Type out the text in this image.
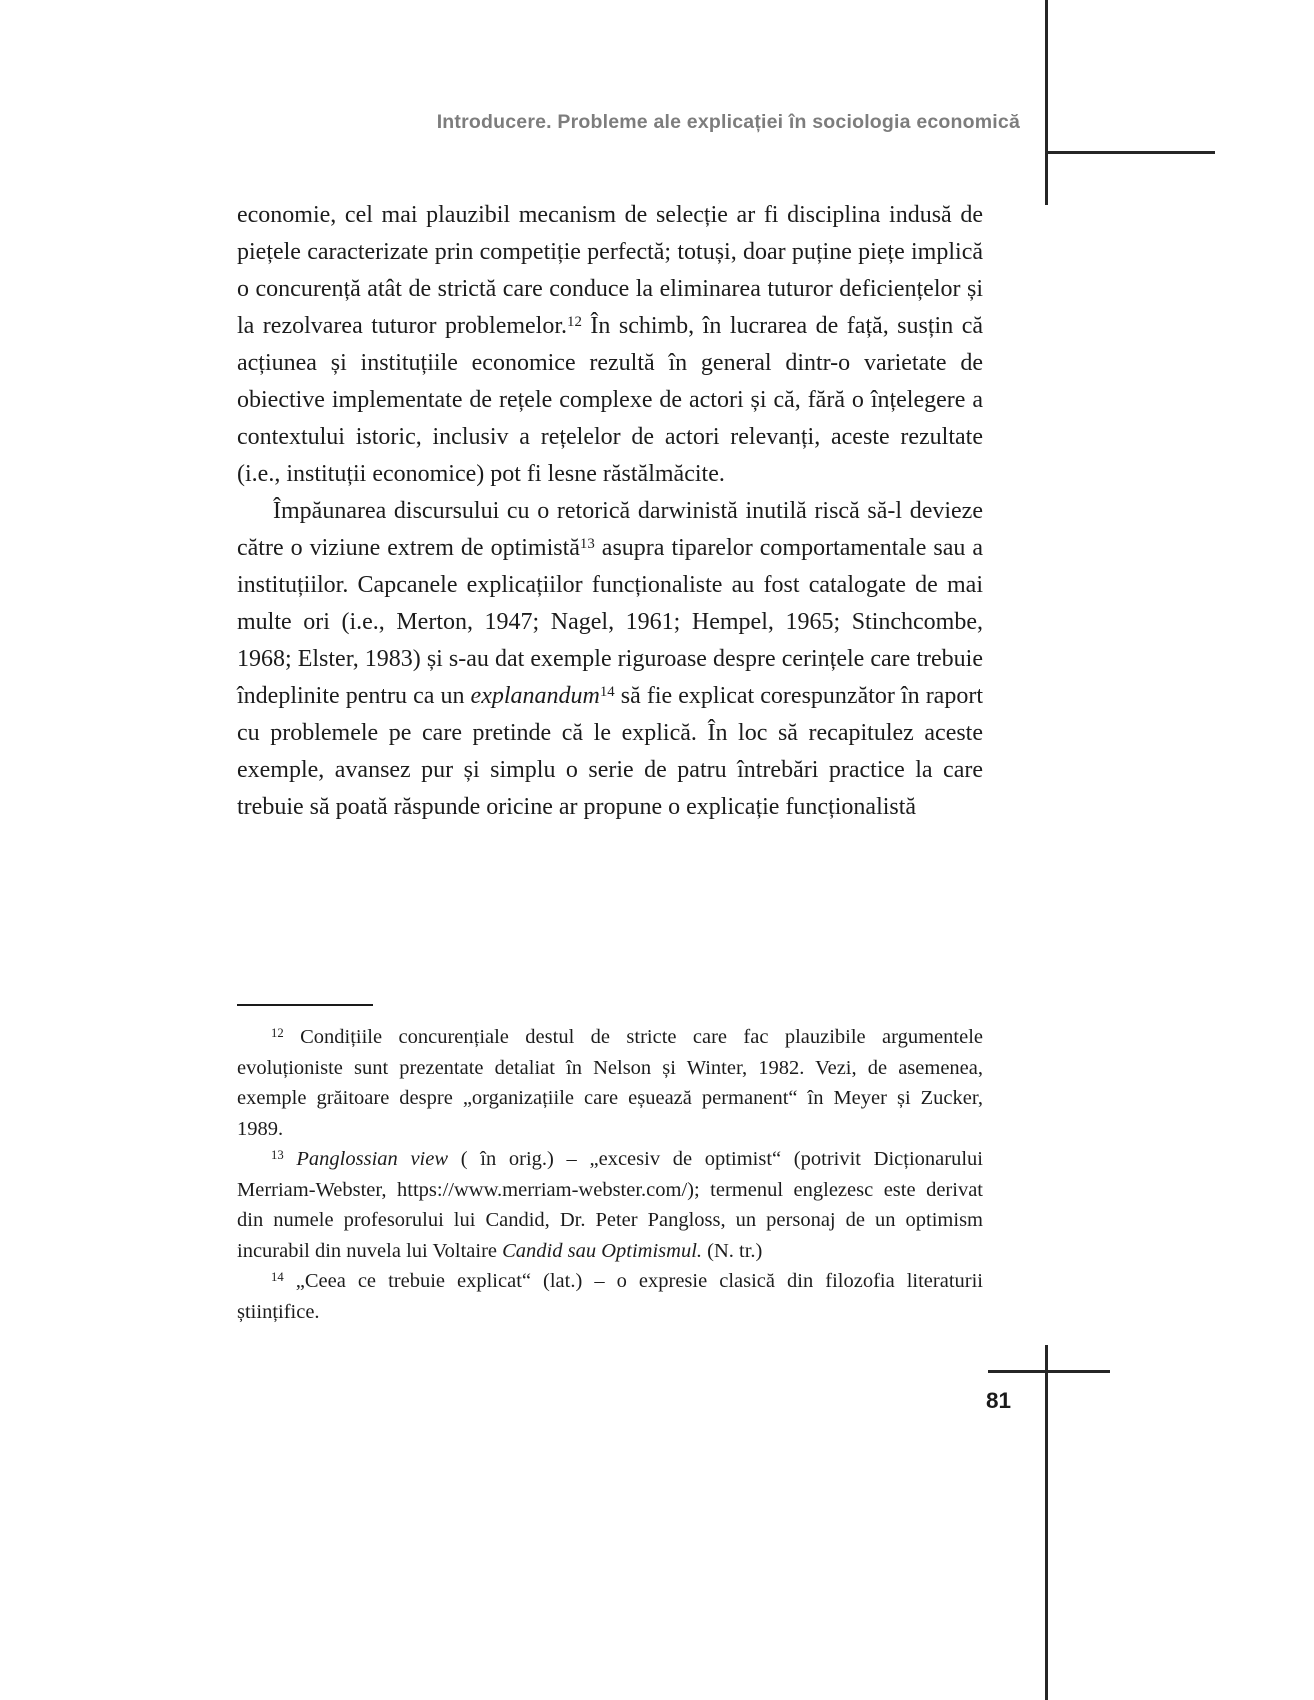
Introducere. Probleme ale explicației în sociologia economică

economie, cel mai plauzibil mecanism de selecție ar fi disciplina indusă de piețele caracterizate prin competiție perfectă; totuși, doar puține piețe implică o concurență atât de strictă care conduce la eliminarea tuturor deficiențelor și la rezolvarea tuturor problemelor.$^{12}$ În schimb, în lucrarea de față, susțin că acțiunea și instituțiile economice rezultă în general dintr-o varietate de obiective implementate de rețele complexe de actori și că, fără o înțelegere a contextului istoric, inclusiv a rețelelor de actori relevanți, aceste rezultate (i.e., instituții economice) pot fi lesne răstălmăcite.

Împăunarea discursului cu o retorică darwinistă inutilă riscă să-l devieze către o viziune extrem de optimistă$^{13}$ asupra tiparelor comportamentale sau a instituțiilor. Capcanele explicațiilor funcționaliste au fost catalogate de mai multe ori (i.e., Merton, 1947; Nagel, 1961; Hempel, 1965; Stinchcombe, 1968; Elster, 1983) și s-au dat exemple riguroase despre cerințele care trebuie îndeplinite pentru ca un explanandum$^{14}$ să fie explicat corespunzător în raport cu problemele pe care pretinde că le explică. În loc să recapitulez aceste exemple, avansez pur și simplu o serie de patru întrebări practice la care trebuie să poată răspunde oricine ar propune o explicație funcționalistă

$^{12}$ Condițiile concurențiale destul de stricte care fac plauzibile argumentele evoluționiste sunt prezentate detaliat în Nelson și Winter, 1982. Vezi, de asemenea, exemple grăitoare despre „organizațiile care eșuează permanent“ în Meyer și Zucker, 1989.

$^{13}$ Panglossian view ( în orig.) – „excesiv de optimist“ (potrivit Dicționarului Merriam-Webster, https://www.merriam-webster.com/); termenul englezesc este derivat din numele profesorului lui Candid, Dr. Peter Pangloss, un personaj de un optimism incurabil din nuvela lui Voltaire Candid sau Optimismul. (N. tr.)

$^{14}$ „Ceea ce trebuie explicat“ (lat.) – o expresie clasică din filozofia literaturii științifice.

81
